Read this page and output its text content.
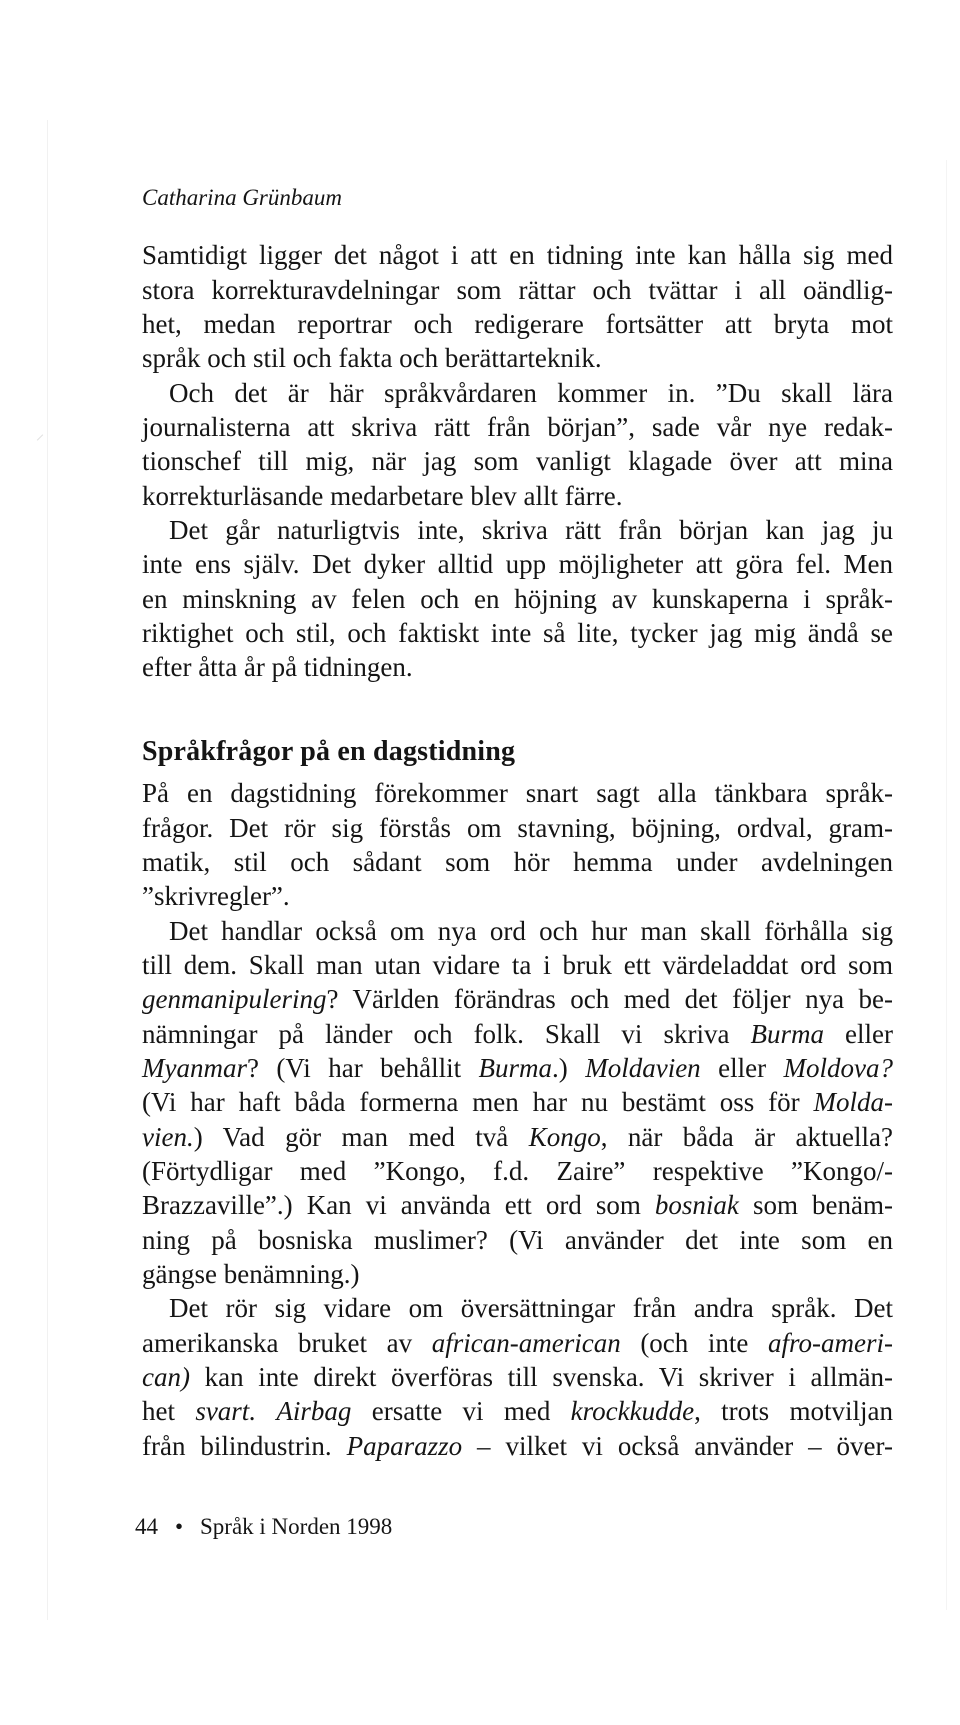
Catharina Grünbaum
Samtidigt ligger det något i att en tidning inte kan hålla sig med
stora korrekturavdelningar som rättar och tvättar i all oändlig-
het, medan reportrar och redigerare fortsätter att bryta mot
språk och stil och fakta och berättarteknik.
Och det är här språkvårdaren kommer in. ”Du skall lära
journalisterna att skriva rätt från början”, sade vår nye redak-
tionschef till mig, när jag som vanligt klagade över att mina
korrekturläsande medarbetare blev allt färre.
Det går naturligtvis inte, skriva rätt från början kan jag ju
inte ens själv. Det dyker alltid upp möjligheter att göra fel. Men
en minskning av felen och en höjning av kunskaperna i språk-
riktighet och stil, och faktiskt inte så lite, tycker jag mig ändå se
efter åtta år på tidningen.
Språkfrågor på en dagstidning
På en dagstidning förekommer snart sagt alla tänkbara språk-
frågor. Det rör sig förstås om stavning, böjning, ordval, gram-
matik, stil och sådant som hör hemma under avdelningen
”skrivregler”.
Det handlar också om nya ord och hur man skall förhålla sig
till dem. Skall man utan vidare ta i bruk ett värdeladdat ord som
genmanipulering? Världen förändras och med det följer nya be-
nämningar på länder och folk. Skall vi skriva Burma eller
Myanmar? (Vi har behållit Burma.) Moldavien eller Moldova?
(Vi har haft båda formerna men har nu bestämt oss för Molda-
vien.) Vad gör man med två Kongo, när båda är aktuella?
(Förtydligar med ”Kongo, f.d. Zaire” respektive ”Kongo/-
Brazzaville”.) Kan vi använda ett ord som bosniak som benäm-
ning på bosniska muslimer? (Vi använder det inte som en
gängse benämning.)
Det rör sig vidare om översättningar från andra språk. Det
amerikanska bruket av african-american (och inte afro-ameri-
can) kan inte direkt överföras till svenska. Vi skriver i allmän-
het svart. Airbag ersatte vi med krockkudde, trots motviljan
från bilindustrin. Paparazzo – vilket vi också använder – över-
44 • Språk i Norden 1998
